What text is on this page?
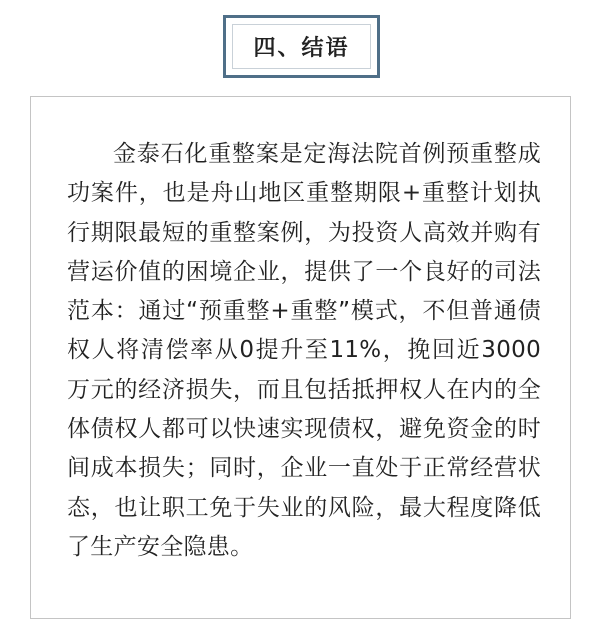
四、结语

金泰石化重整案是定海法院首例预重整成功案件，也是舟山地区重整期限+重整计划执行期限最短的重整案例，为投资人高效并购有营运价值的困境企业，提供了一个良好的司法范本：通过“预重整+重整”模式，不但普通债权人将清偿率从0提升至11%，挽回近3000万元的经济损失，而且包括抵押权人在内的全体债权人都可以快速实现债权，避免资金的时间成本损失；同时，企业一直处于正常经营状态，也让职工免于失业的风险，最大程度降低了生产安全隐患。
